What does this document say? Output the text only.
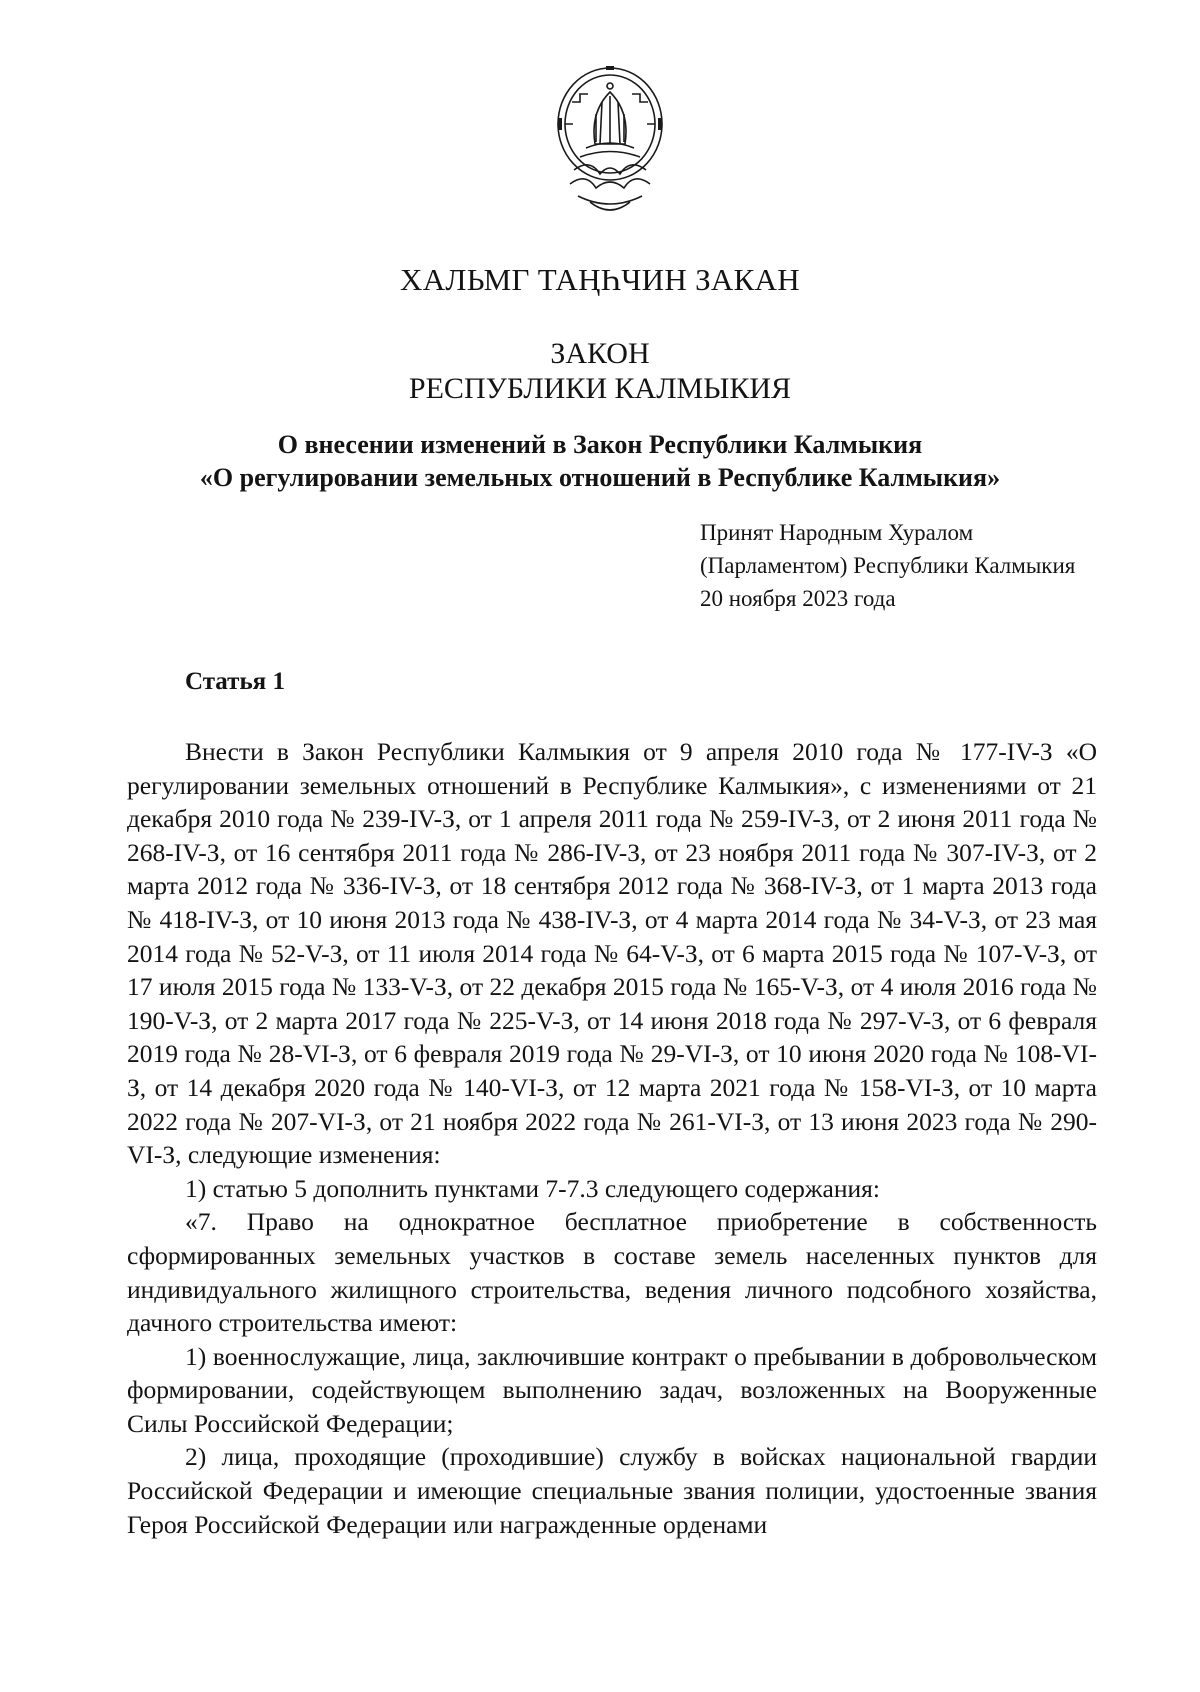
ХАЛЬМГ ТАҢҺЧИН ЗАКАН
ЗАКОН
РЕСПУБЛИКИ КАЛМЫКИЯ
О внесении изменений в Закон Республики Калмыкия
«О регулировании земельных отношений в Республике Калмыкия»
Принят Народным Хуралом
(Парламентом) Республики Калмыкия
20 ноября 2023 года
Статья 1

Внести в Закон Республики Калмыкия от 9 апреля 2010 года № 177-IV-З «О регулировании земельных отношений в Республике Калмыкия», с изменениями от 21 декабря 2010 года № 239-IV-З, от 1 апреля 2011 года № 259-IV-З, от 2 июня 2011 года № 268-IV-З, от 16 сентября 2011 года № 286-IV-З, от 23 ноября 2011 года № 307-IV-З, от 2 марта 2012 года № 336-IV-З, от 18 сентября 2012 года № 368-IV-З, от 1 марта 2013 года № 418-IV-З, от 10 июня 2013 года № 438-IV-З, от 4 марта 2014 года № 34-V-З, от 23 мая 2014 года № 52-V-З, от 11 июля 2014 года № 64-V-З, от 6 марта 2015 года № 107-V-З, от 17 июля 2015 года № 133-V-З, от 22 декабря 2015 года № 165-V-З, от 4 июля 2016 года № 190-V-З, от 2 марта 2017 года № 225-V-З, от 14 июня 2018 года № 297-V-З, от 6 февраля 2019 года № 28-VI-З, от 6 февраля 2019 года № 29-VI-З, от 10 июня 2020 года № 108-VI-З, от 14 декабря 2020 года № 140-VI-З, от 12 марта 2021 года № 158-VI-З, от 10 марта 2022 года № 207-VI-З, от 21 ноября 2022 года № 261-VI-З, от 13 июня 2023 года № 290-VI-З, следующие изменения:

1) статью 5 дополнить пунктами 7-7.3 следующего содержания:

«7. Право на однократное бесплатное приобретение в собственность сформированных земельных участков в составе земель населенных пунктов для индивидуального жилищного строительства, ведения личного подсобного хозяйства, дачного строительства имеют:

1) военнослужащие, лица, заключившие контракт о пребывании в добровольческом формировании, содействующем выполнению задач, возложенных на Вооруженные Силы Российской Федерации;

2) лица, проходящие (проходившие) службу в войсках национальной гвардии Российской Федерации и имеющие специальные звания полиции, удостоенные звания Героя Российской Федерации или награжденные орденами
